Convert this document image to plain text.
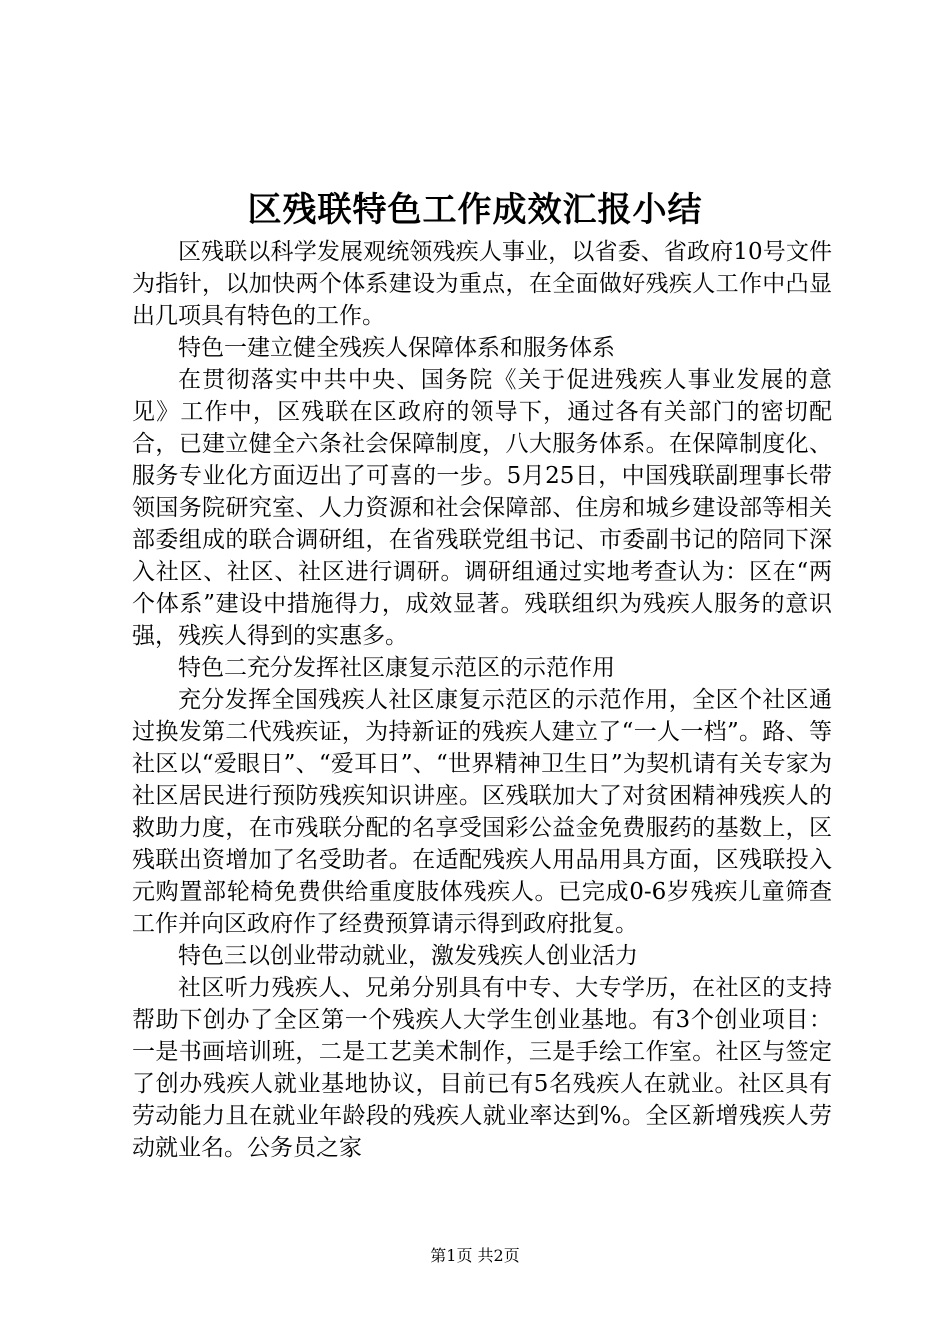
区残联特色工作成效汇报小结

区残联以科学发展观统领残疾人事业，以省委、省政府10号文件为指针，以加快两个体系建设为重点，在全面做好残疾人工作中凸显出几项具有特色的工作。

特色一建立健全残疾人保障体系和服务体系

在贯彻落实中共中央、国务院《关于促进残疾人事业发展的意见》工作中，区残联在区政府的领导下，通过各有关部门的密切配合，已建立健全六条社会保障制度，八大服务体系。在保障制度化、服务专业化方面迈出了可喜的一步。5月25日，中国残联副理事长带领国务院研究室、人力资源和社会保障部、住房和城乡建设部等相关部委组成的联合调研组，在省残联党组书记、市委副书记的陪同下深入社区、社区、社区进行调研。调研组通过实地考查认为：区在“两个体系”建设中措施得力，成效显著。残联组织为残疾人服务的意识强，残疾人得到的实惠多。

特色二充分发挥社区康复示范区的示范作用

充分发挥全国残疾人社区康复示范区的示范作用，全区个社区通过换发第二代残疾证，为持新证的残疾人建立了“一人一档”。路、等社区以“爱眼日”、“爱耳日”、“世界精神卫生日”为契机请有关专家为社区居民进行预防残疾知识讲座。区残联加大了对贫困精神残疾人的救助力度，在市残联分配的名享受国彩公益金免费服药的基数上，区残联出资增加了名受助者。在适配残疾人用品用具方面，区残联投入元购置部轮椅免费供给重度肢体残疾人。已完成0-6岁残疾儿童筛查工作并向区政府作了经费预算请示得到政府批复。

特色三以创业带动就业，激发残疾人创业活力

社区听力残疾人、兄弟分别具有中专、大专学历，在社区的支持帮助下创办了全区第一个残疾人大学生创业基地。有3个创业项目：一是书画培训班，二是工艺美术制作，三是手绘工作室。社区与签定了创办残疾人就业基地协议，目前已有5名残疾人在就业。社区具有劳动能力且在就业年龄段的残疾人就业率达到%。全区新增残疾人劳动就业名。公务员之家

第1页 共2页
